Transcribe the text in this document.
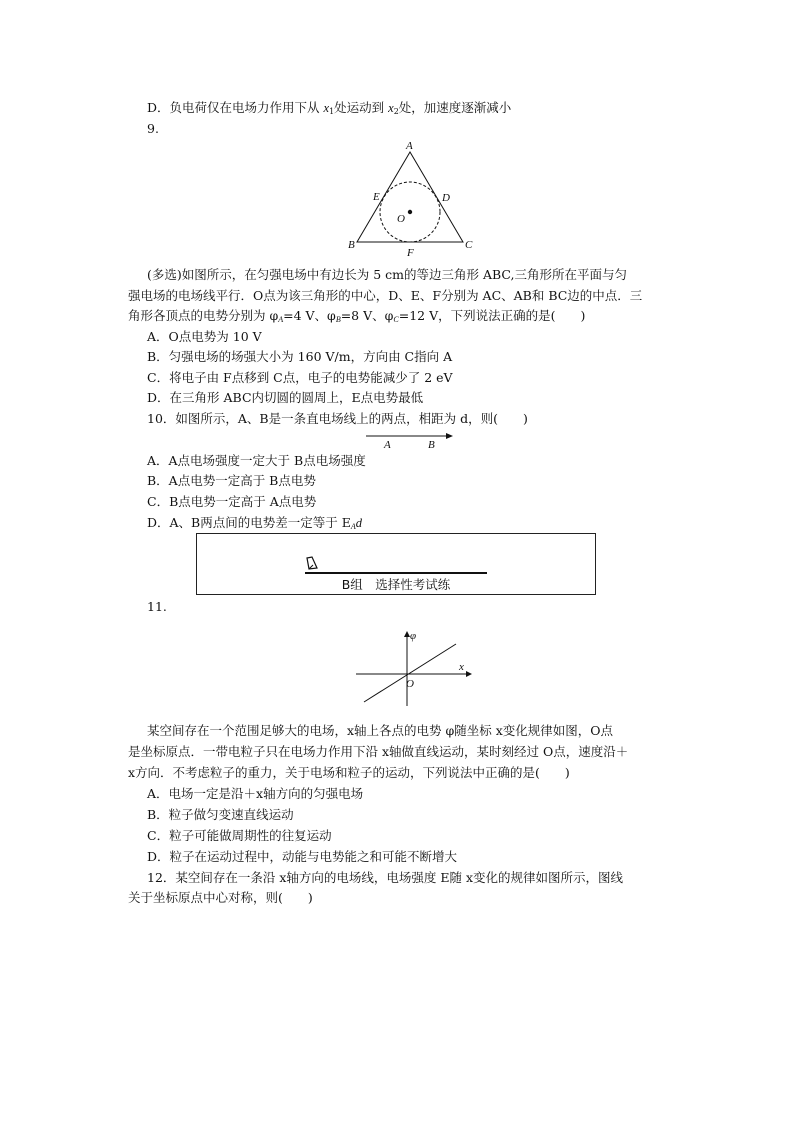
D．负电荷仅在电场力作用下从 $x_1$处运动到 $x_2$处，加速度逐渐减小
9.
A
B	C
D
E
F
O
(多选)如图所示，在匀强电场中有边长为 5 cm的等边三角形 ABC,三角形所在平面与匀
强电场的电场线平行．O点为该三角形的中心，D、E、F分别为 AC、AB和 BC边的中点．三
角形各顶点的电势分别为 $\varphi_A=4$ V、$\varphi_B=8$ V、$\varphi_C=12$ V，下列说法正确的是(　　)
A．O点电势为 10 V
B．匀强电场的场强大小为 160 V/m，方向由 C指向 A
C．将电子由 F点移到 C点，电子的电势能减少了 2 eV
D．在三角形 ABC内切圆的圆周上，E点电势最低
10．如图所示，A、B是一条直电场线上的两点，相距为 d，则(　　)
A	B
A．A点电场强度一定大于 B点电场强度
B．A点电势一定高于 B点电势
C．B点电势一定高于 A点电势
D．A、B两点间的电势差一定等于 $E_Ad$
B组　选择性考试练
11.
φ
x
O
某空间存在一个范围足够大的电场，x轴上各点的电势 φ随坐标 x变化规律如图，O点
是坐标原点．一带电粒子只在电场力作用下沿 x轴做直线运动，某时刻经过 O点，速度沿＋
x方向．不考虑粒子的重力，关于电场和粒子的运动，下列说法中正确的是(　　)
A．电场一定是沿＋x轴方向的匀强电场
B．粒子做匀变速直线运动
C．粒子可能做周期性的往复运动
D．粒子在运动过程中，动能与电势能之和可能不断增大
12．某空间存在一条沿 x轴方向的电场线，电场强度 E随 x变化的规律如图所示，图线
关于坐标原点中心对称，则(　　)
